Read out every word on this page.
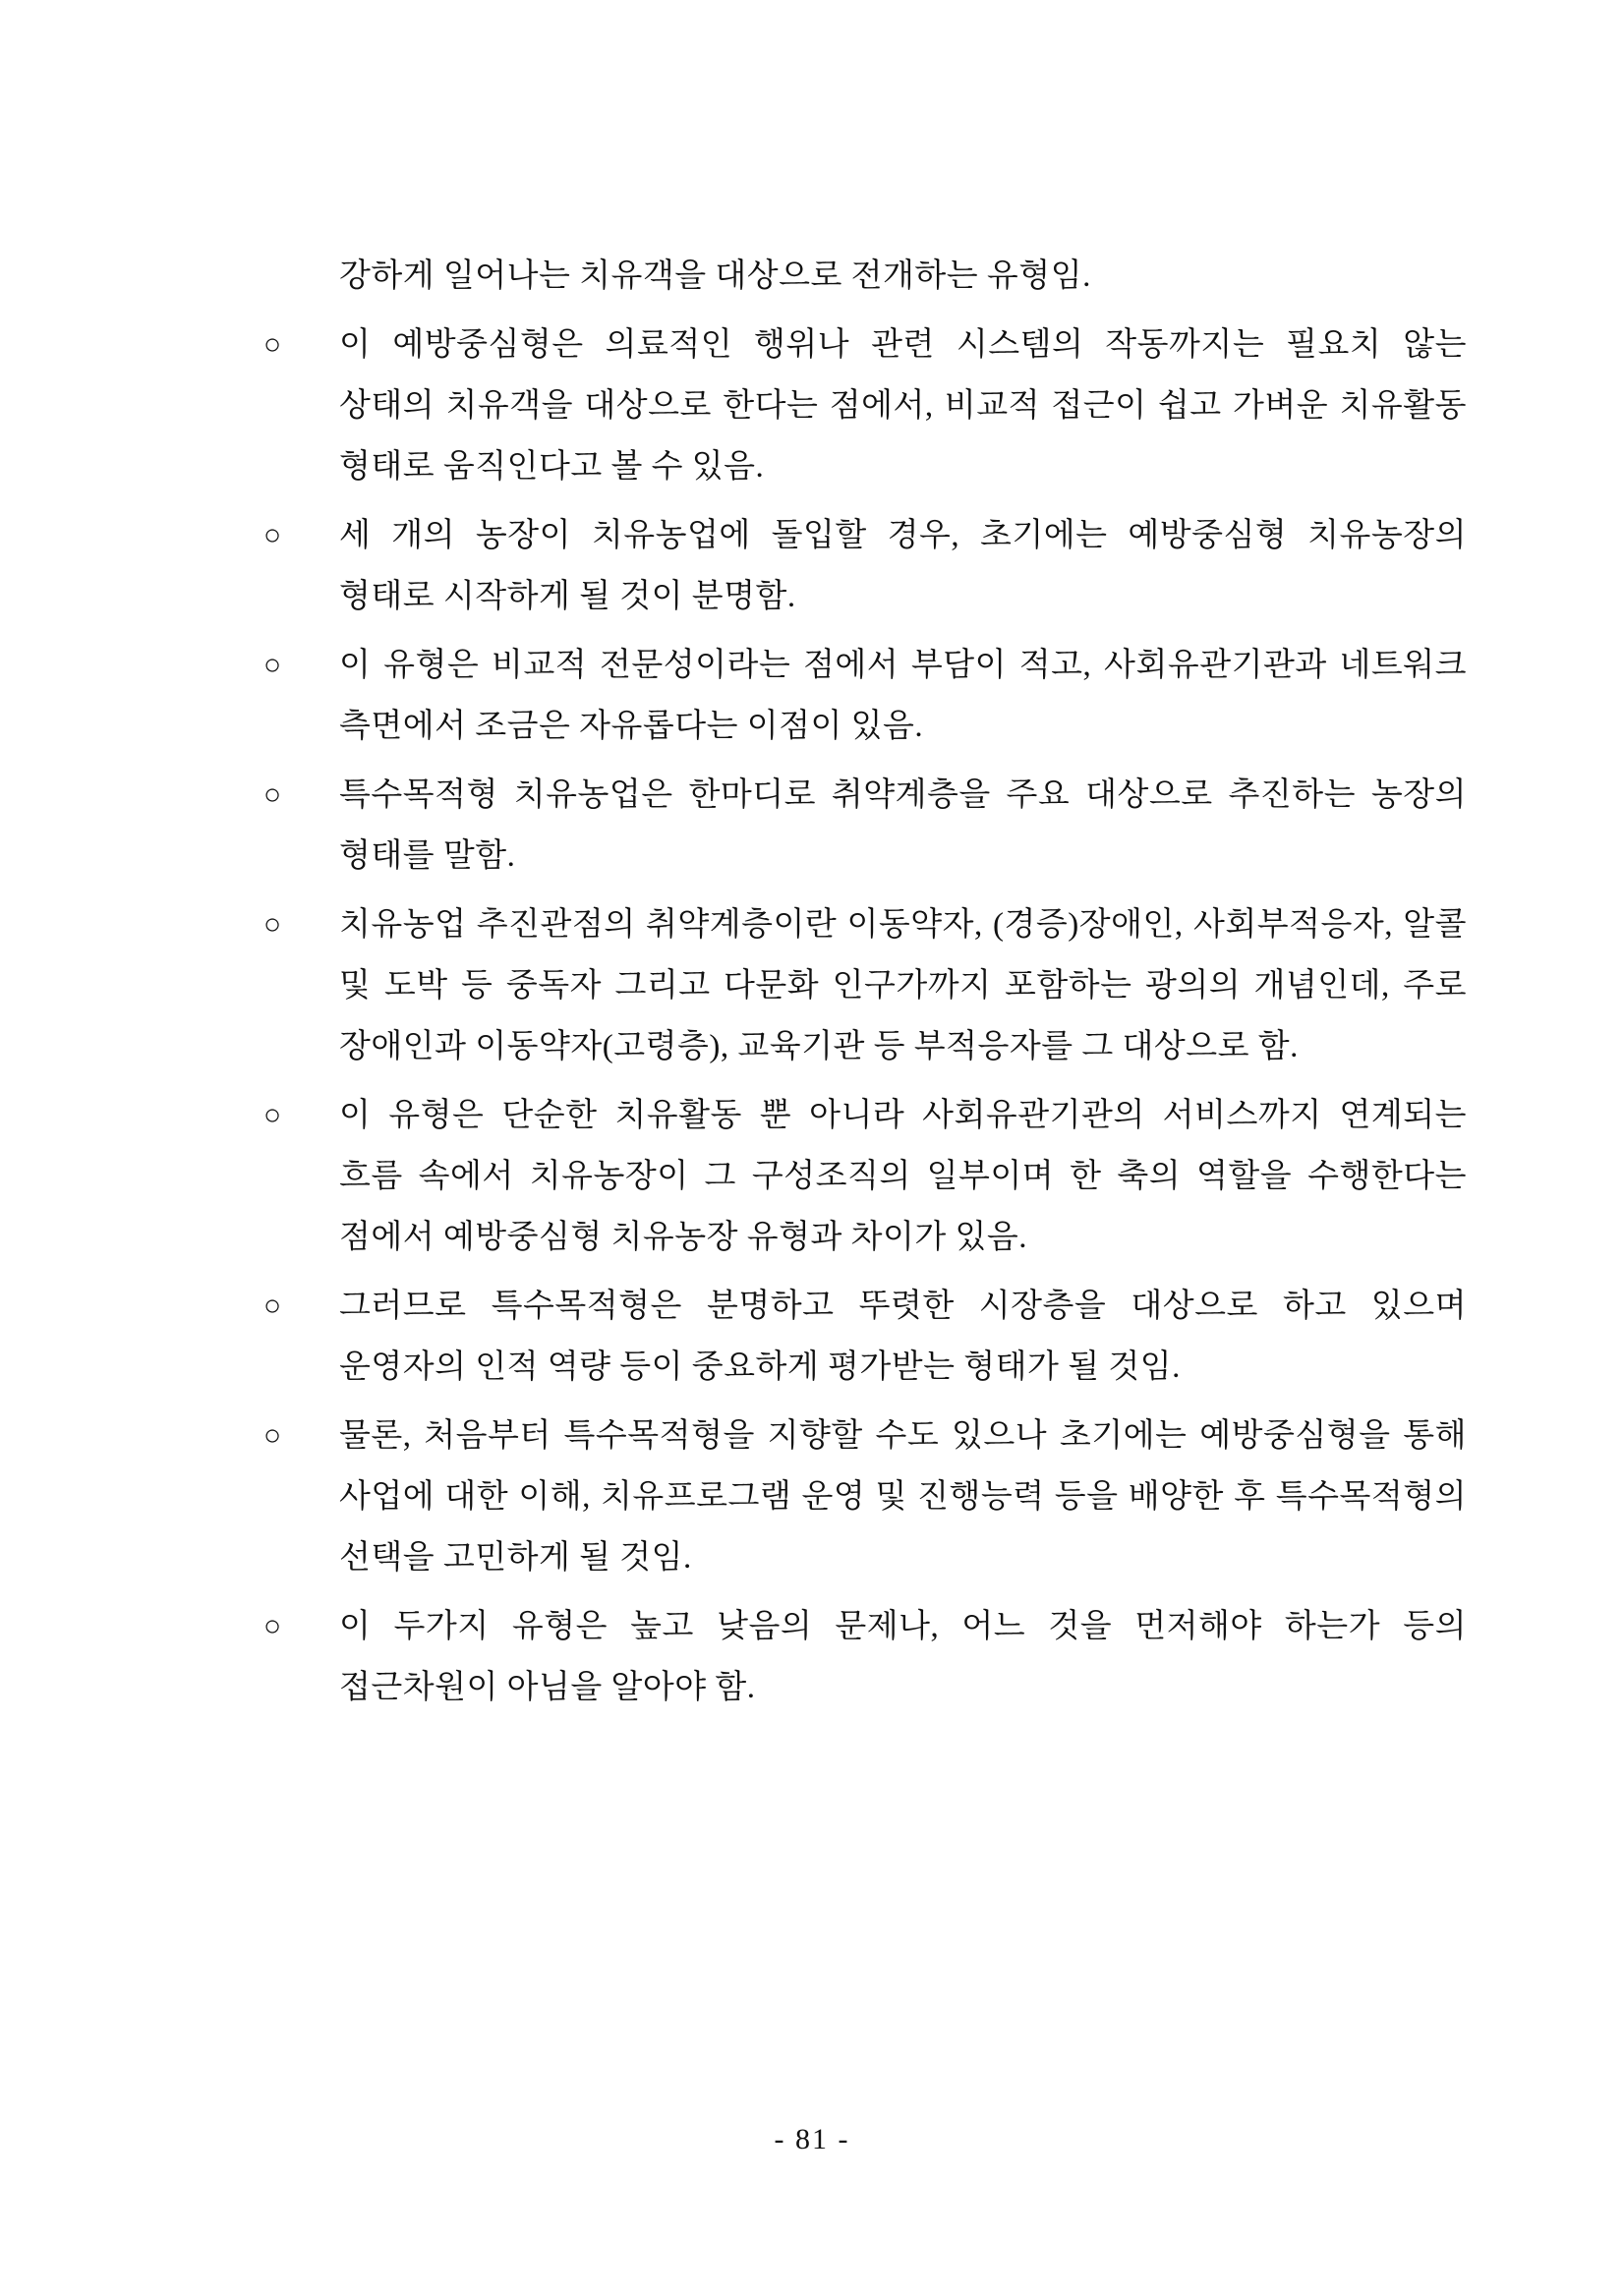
강하게 일어나는 치유객을 대상으로 전개하는 유형임.

○	이 예방중심형은 의료적인 행위나 관련 시스템의 작동까지는 필요치 않는 상태의 치유객을 대상으로 한다는 점에서, 비교적 접근이 쉽고 가벼운 치유활동 형태로 움직인다고 볼 수 있음.
○	세 개의 농장이 치유농업에 돌입할 경우, 초기에는 예방중심형 치유농장의 형태로 시작하게 될 것이 분명함.
○	이 유형은 비교적 전문성이라는 점에서 부담이 적고, 사회유관기관과 네트워크 측면에서 조금은 자유롭다는 이점이 있음.
○	특수목적형 치유농업은 한마디로 취약계층을 주요 대상으로 추진하는 농장의 형태를 말함.
○	치유농업 추진관점의 취약계층이란 이동약자, (경증)장애인, 사회부적응자, 알콜 및 도박 등 중독자 그리고 다문화 인구가까지 포함하는 광의의 개념인데, 주로 장애인과 이동약자(고령층), 교육기관 등 부적응자를 그 대상으로 함.
○	이 유형은 단순한 치유활동 뿐 아니라 사회유관기관의 서비스까지 연계되는 흐름 속에서 치유농장이 그 구성조직의 일부이며 한 축의 역할을 수행한다는 점에서 예방중심형 치유농장 유형과 차이가 있음.
○	그러므로 특수목적형은 분명하고 뚜렷한 시장층을 대상으로 하고 있으며 운영자의 인적 역량 등이 중요하게 평가받는 형태가 될 것임.
○	물론, 처음부터 특수목적형을 지향할 수도 있으나 초기에는 예방중심형을 통해 사업에 대한 이해, 치유프로그램 운영 및 진행능력 등을 배양한 후 특수목적형의 선택을 고민하게 될 것임.
○	이 두가지 유형은 높고 낮음의 문제나, 어느 것을 먼저해야 하는가 등의 접근차원이 아님을 알아야 함.
- 81 -
